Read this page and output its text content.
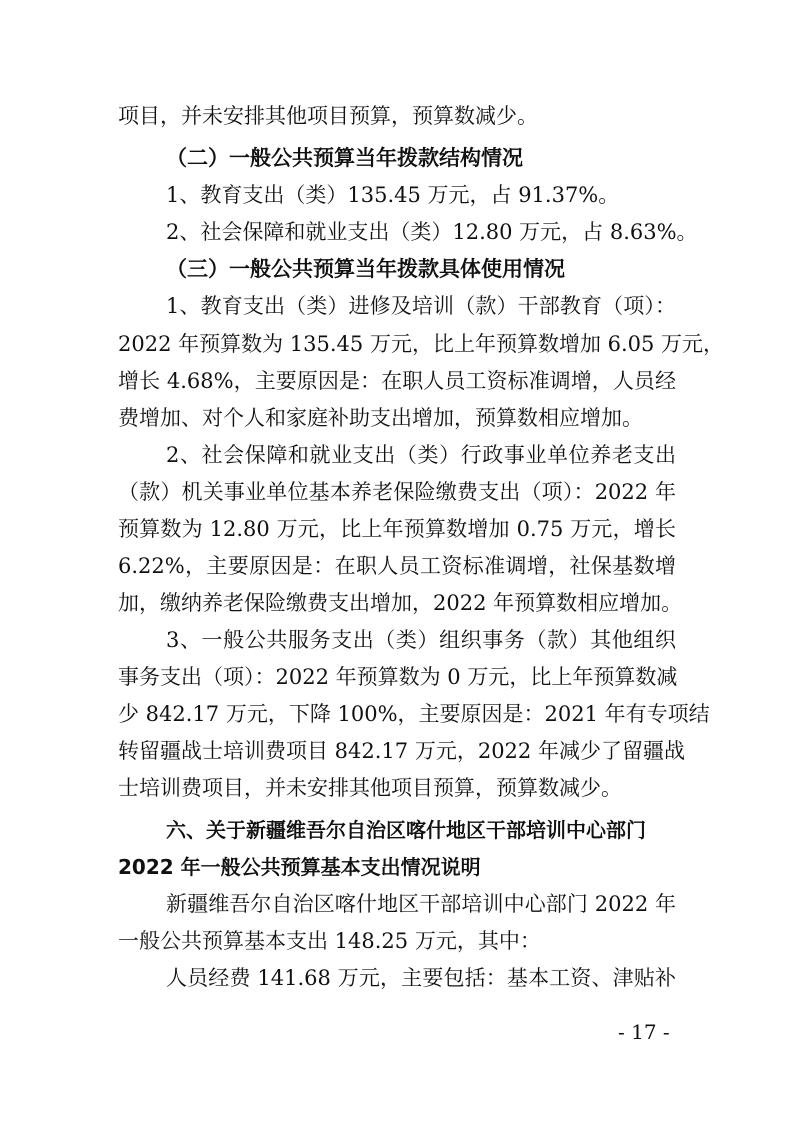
项目，并未安排其他项目预算，预算数减少。
（二）一般公共预算当年拨款结构情况
1、教育支出（类）135.45 万元，占 91.37%。
2、社会保障和就业支出（类）12.80 万元，占 8.63%。
（三）一般公共预算当年拨款具体使用情况
1、教育支出（类）进修及培训（款）干部教育（项）：
2022 年预算数为 135.45 万元，比上年预算数增加 6.05 万元，
增长 4.68%，主要原因是：在职人员工资标准调增，人员经
费增加、对个人和家庭补助支出增加，预算数相应增加。
2、社会保障和就业支出（类）行政事业单位养老支出
（款）机关事业单位基本养老保险缴费支出（项）：2022 年
预算数为 12.80 万元，比上年预算数增加 0.75 万元，增长
6.22%，主要原因是：在职人员工资标准调增，社保基数增
加，缴纳养老保险缴费支出增加，2022 年预算数相应增加。
3、一般公共服务支出（类）组织事务（款）其他组织
事务支出（项）：2022 年预算数为 0 万元，比上年预算数减
少 842.17 万元，下降 100%，主要原因是：2021 年有专项结
转留疆战士培训费项目 842.17 万元，2022 年减少了留疆战
士培训费项目，并未安排其他项目预算，预算数减少。
六、关于新疆维吾尔自治区喀什地区干部培训中心部门
2022 年一般公共预算基本支出情况说明
新疆维吾尔自治区喀什地区干部培训中心部门 2022 年
一般公共预算基本支出 148.25 万元，其中：
人员经费 141.68 万元，主要包括：基本工资、津贴补
- 17 -
